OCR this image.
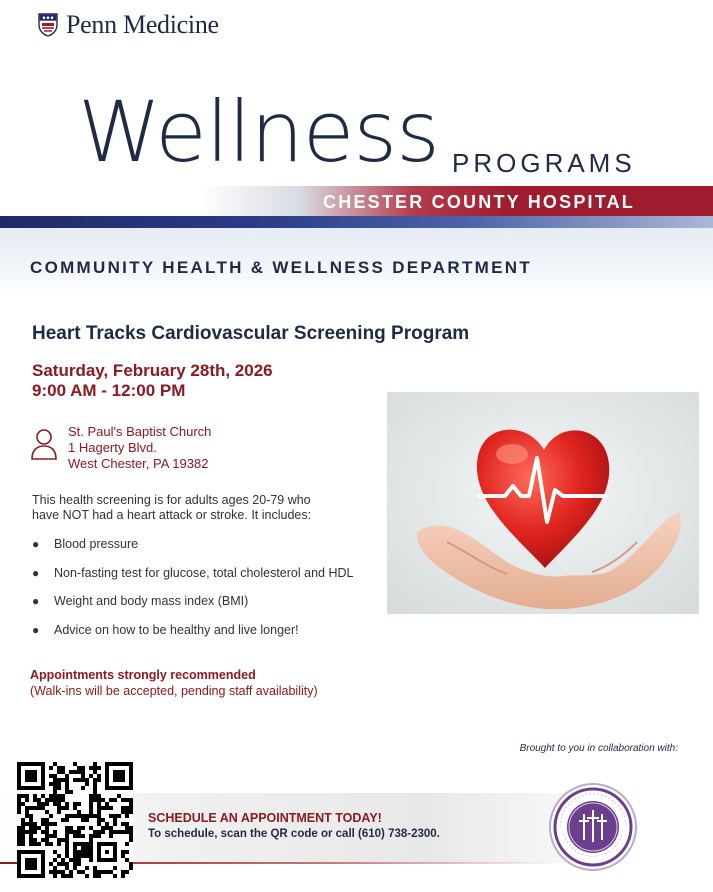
Penn Medicine
Wellness PROGRAMS
CHESTER COUNTY HOSPITAL
COMMUNITY HEALTH & WELLNESS DEPARTMENT
Heart Tracks Cardiovascular Screening Program
Saturday, February 28th, 2026
9:00 AM - 12:00 PM
St. Paul's Baptist Church
1 Hagerty Blvd.
West Chester, PA 19382
This health screening is for adults ages 20-79 who
have NOT had a heart attack or stroke. It includes:
●	Blood pressure
●	Non-fasting test for glucose, total cholesterol and HDL
●	Weight and body mass index (BMI)
●	Advice on how to be healthy and live longer!
Appointments strongly recommended
(Walk-ins will be accepted, pending staff availability)
Brought to you in collaboration with:
SCHEDULE AN APPOINTMENT TODAY!
To schedule, scan the QR code or call (610) 738-2300.
